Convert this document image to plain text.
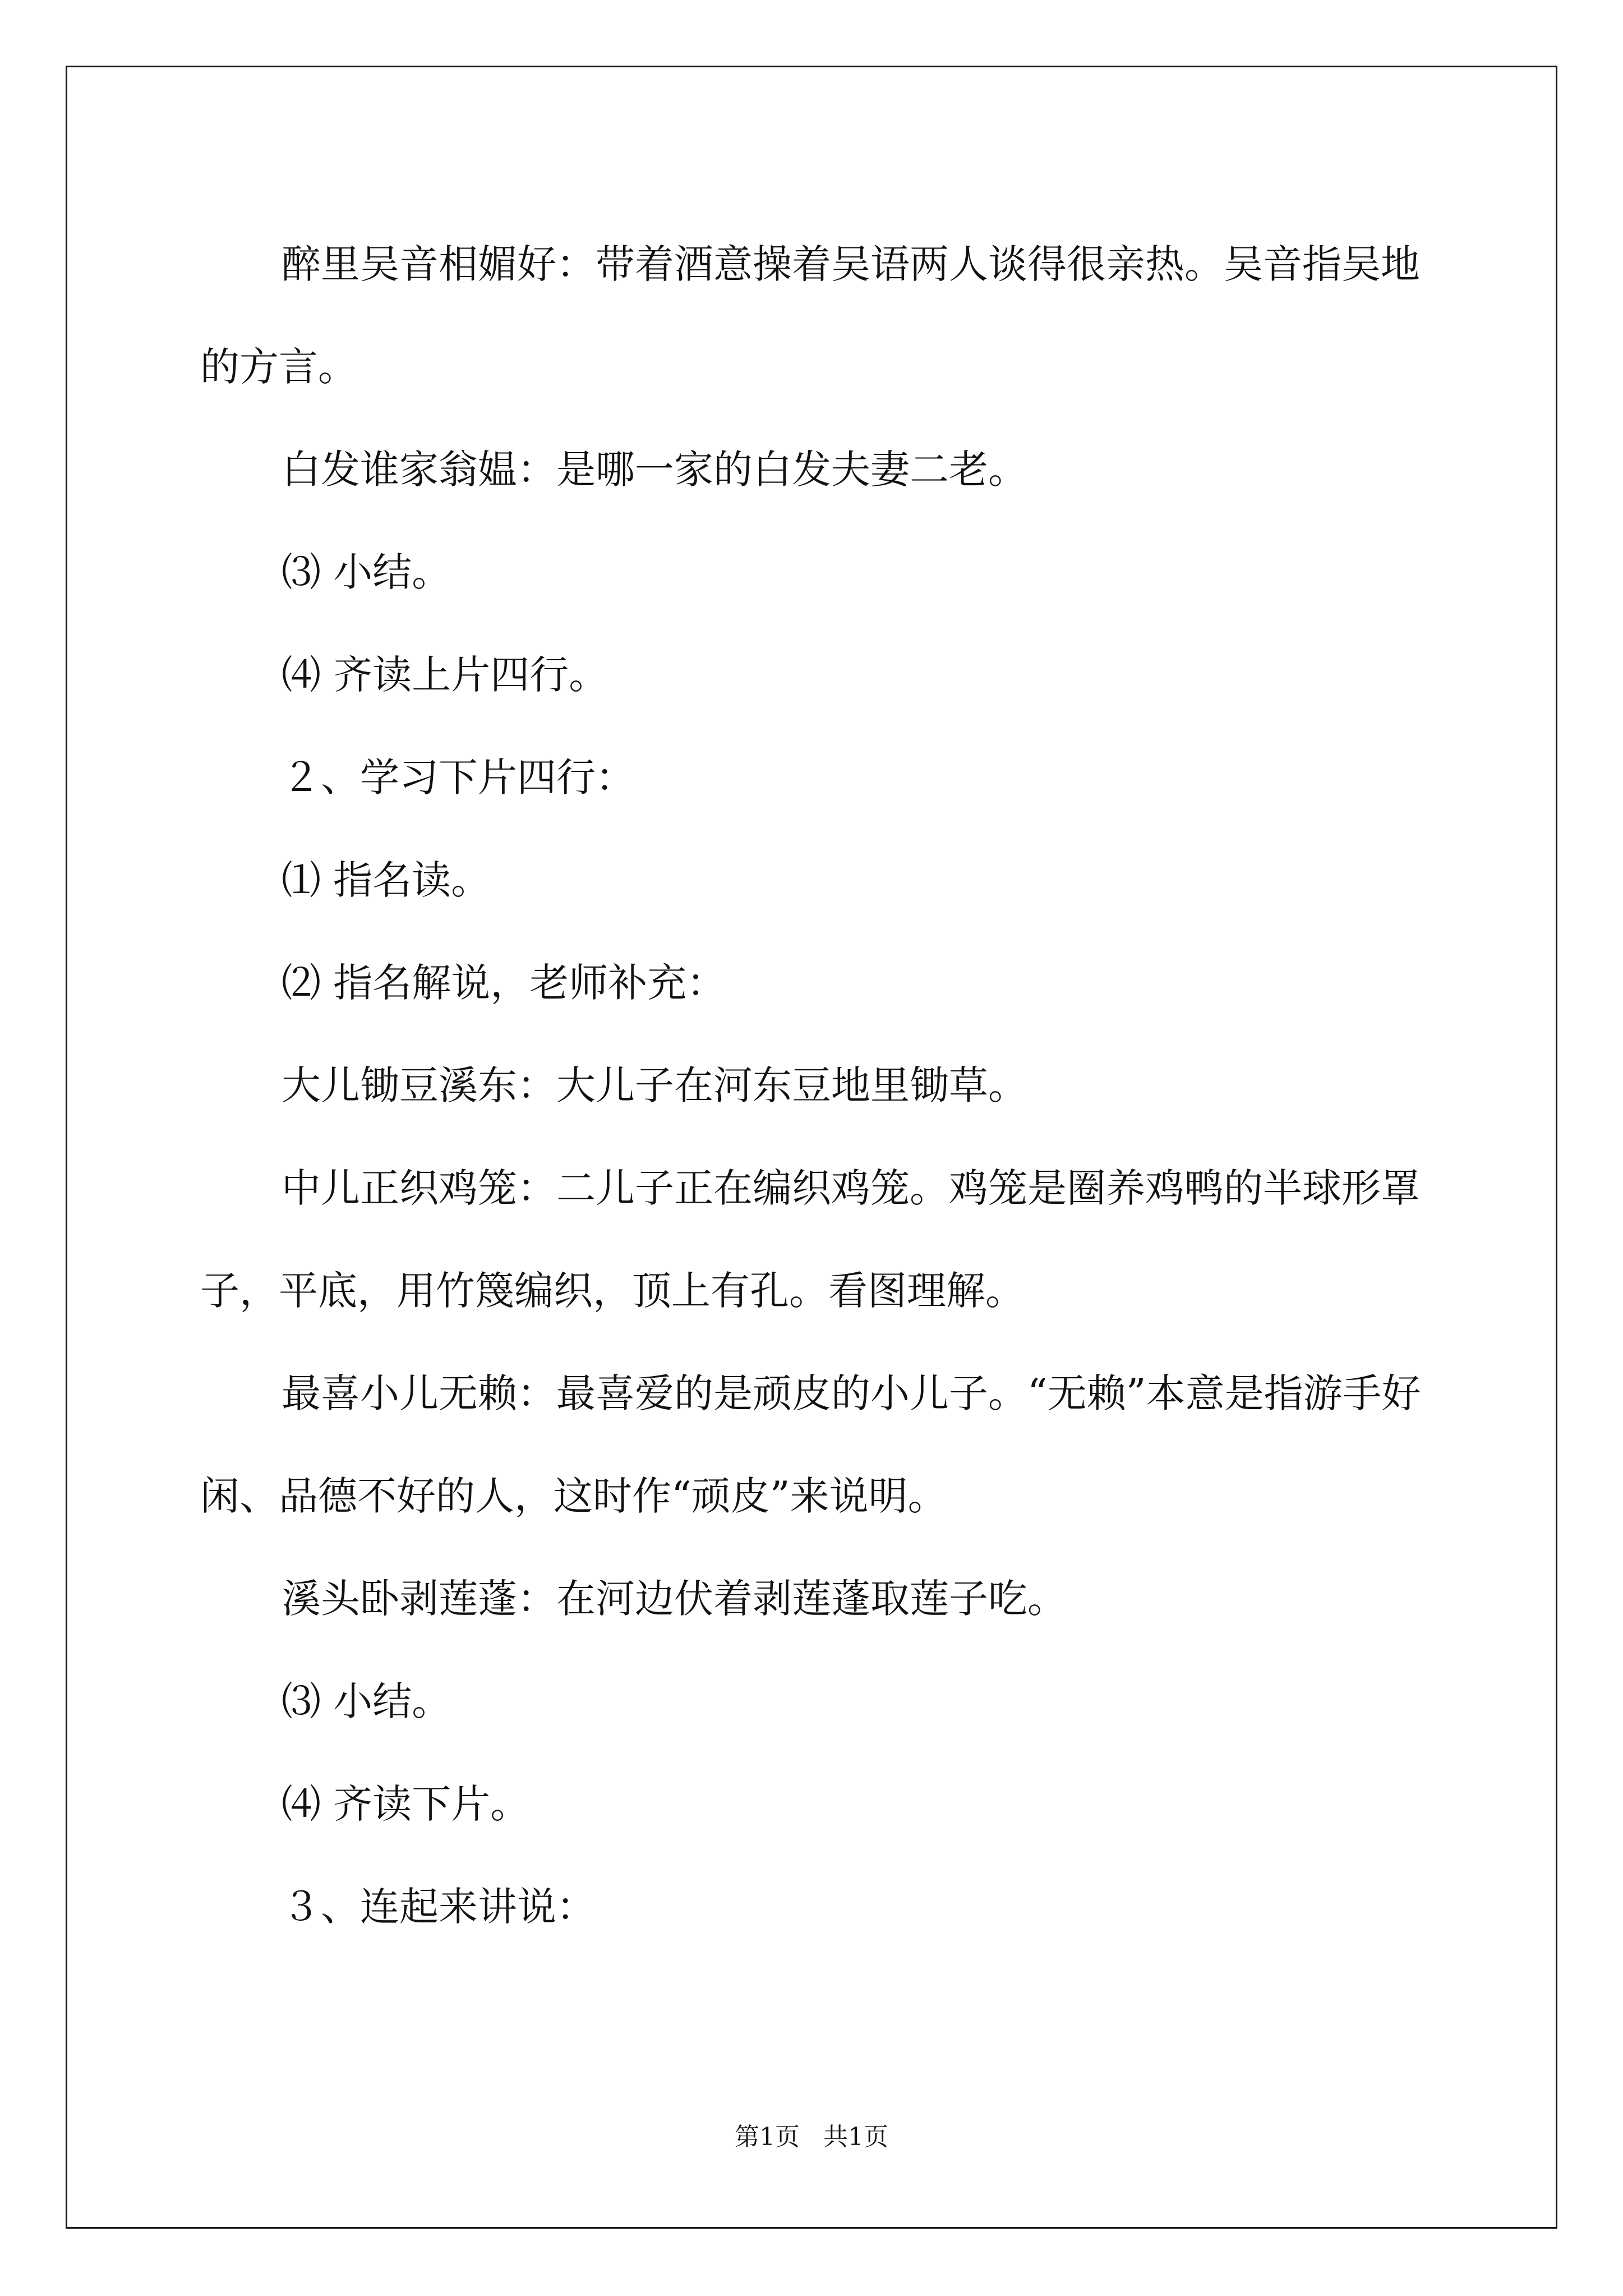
醉里吴音相媚好：带着酒意操着吴语两人谈得很亲热。吴音指吴地的方言。

白发谁家翁媪：是哪一家的白发夫妻二老。

⑶ 小结。

⑷ 齐读上片四行。

２、学习下片四行：

⑴ 指名读。

⑵ 指名解说，老师补充：

大儿锄豆溪东：大儿子在河东豆地里锄草。

中儿正织鸡笼：二儿子正在编织鸡笼。鸡笼是圈养鸡鸭的半球形罩子，平底，用竹篾编织，顶上有孔。看图理解。

最喜小儿无赖：最喜爱的是顽皮的小儿子。“无赖”本意是指游手好闲、品德不好的人，这时作“顽皮”来说明。

溪头卧剥莲蓬：在河边伏着剥莲蓬取莲子吃。

⑶ 小结。

⑷ 齐读下片。

３、连起来讲说：

第1页   共1页
